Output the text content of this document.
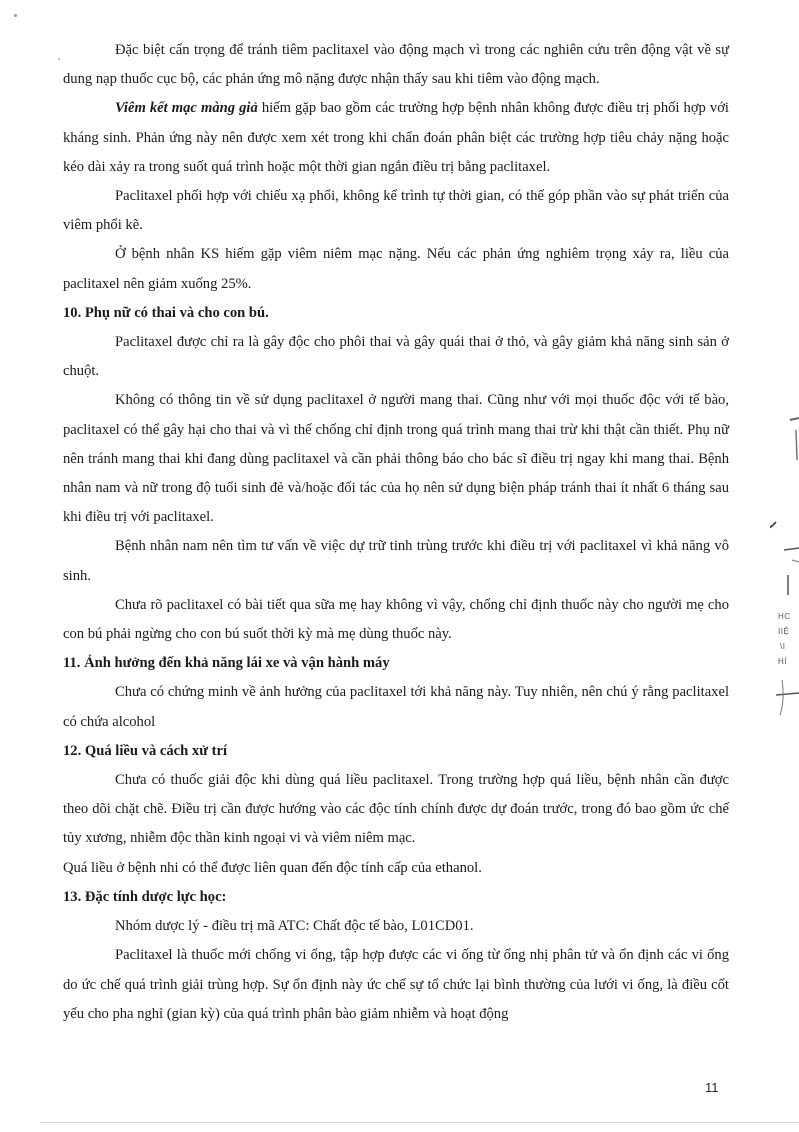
Đặc biệt cẩn trọng để tránh tiêm paclitaxel vào động mạch vì trong các nghiên cứu trên động vật về sự dung nạp thuốc cục bộ, các phản ứng mô nặng được nhận thấy sau khi tiêm vào động mạch.

Viêm kết mạc màng giả hiếm gặp bao gồm các trường hợp bệnh nhân không được điều trị phối hợp với kháng sinh. Phản ứng này nên được xem xét trong khi chẩn đoán phân biệt các trường hợp tiêu chảy nặng hoặc kéo dài xảy ra trong suốt quá trình hoặc một thời gian ngắn điều trị bằng paclitaxel.

Paclitaxel phối hợp với chiếu xạ phổi, không kể trình tự thời gian, có thể góp phần vào sự phát triển của viêm phổi kẽ.

Ở bệnh nhân KS hiếm gặp viêm niêm mạc nặng. Nếu các phản ứng nghiêm trọng xảy ra, liều của paclitaxel nên giảm xuống 25%.

10. Phụ nữ có thai và cho con bú.

Paclitaxel được chỉ ra là gây độc cho phôi thai và gây quái thai ở thỏ, và gây giảm khả năng sinh sản ở chuột.

Không có thông tin về sử dụng paclitaxel ở người mang thai. Cũng như với mọi thuốc độc với tế bào, paclitaxel có thể gây hại cho thai và vì thế chống chỉ định trong quá trình mang thai trừ khi thật cần thiết. Phụ nữ nên tránh mang thai khi đang dùng paclitaxel và cần phải thông báo cho bác sĩ điều trị ngay khi mang thai. Bệnh nhân nam và nữ trong độ tuổi sinh đẻ và/hoặc đối tác của họ nên sử dụng biện pháp tránh thai ít nhất 6 tháng sau khi điều trị với paclitaxel.

Bệnh nhân nam nên tìm tư vấn về việc dự trữ tinh trùng trước khi điều trị với paclitaxel vì khả năng vô sinh.

Chưa rõ paclitaxel có bài tiết qua sữa mẹ hay không vì vậy, chống chỉ định thuốc này cho người mẹ cho con bú phải ngừng cho con bú suốt thời kỳ mà mẹ dùng thuốc này.

11. Ảnh hưởng đến khả năng lái xe và vận hành máy

Chưa có chứng minh về ảnh hưởng của paclitaxel tới khả năng này. Tuy nhiên, nên chú ý rằng paclitaxel có chứa alcohol

12. Quá liều và cách xử trí

Chưa có thuốc giải độc khi dùng quá liều paclitaxel. Trong trường hợp quá liều, bệnh nhân cần được theo dõi chặt chẽ. Điều trị cần được hướng vào các độc tính chính được dự đoán trước, trong đó bao gồm ức chế tủy xương, nhiễm độc thần kinh ngoại vi và viêm niêm mạc.

Quá liều ở bệnh nhi có thể được liên quan đến độc tính cấp của ethanol.

13. Đặc tính dược lực học:

Nhóm dược lý - điều trị mã ATC: Chất độc tế bào, L01CD01.

Paclitaxel là thuốc mới chống vi ống, tập hợp được các vi ống từ ống nhị phân tử và ổn định các vi ống do ức chế quá trình giải trùng hợp. Sự ổn định này ức chế sự tổ chức lại bình thường của lưới vi ống, là điều cốt yếu cho pha nghỉ (gian kỳ) của quá trình phân bào giảm nhiễm và hoạt động

HC
IIỆ
\I
HÍ
11
